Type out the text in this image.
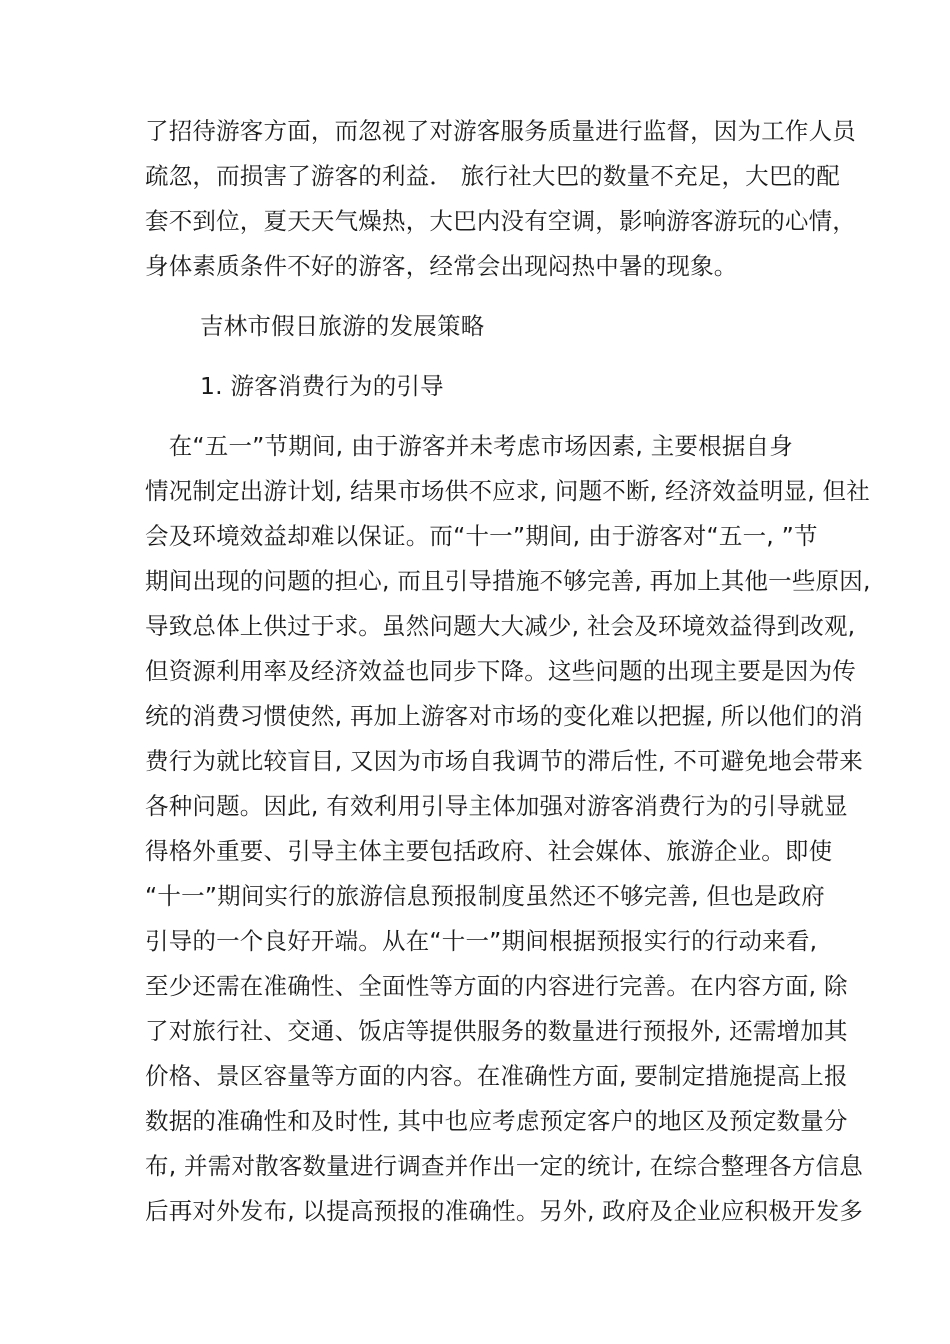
了招待游客方面，而忽视了对游客服务质量进行监督，因为工作人员
疏忽，而损害了游客的利益． 旅行社大巴的数量不充足，大巴的配
套不到位，夏天天气燥热，大巴内没有空调，影响游客游玩的心情，
身体素质条件不好的游客，经常会出现闷热中暑的现象。
吉林市假日旅游的发展策略
1. 游客消费行为的引导
　在“五一”节期间, 由于游客并未考虑市场因素, 主要根据自身
情况制定出游计划, 结果市场供不应求, 问题不断, 经济效益明显, 但社
会及环境效益却难以保证。而“十一”期间, 由于游客对“五一, ”节
期间出现的问题的担心, 而且引导措施不够完善, 再加上其他一些原因,
导致总体上供过于求。虽然问题大大减少, 社会及环境效益得到改观,
但资源利用率及经济效益也同步下降。这些问题的出现主要是因为传
统的消费习惯使然, 再加上游客对市场的变化难以把握, 所以他们的消
费行为就比较盲目, 又因为市场自我调节的滞后性, 不可避免地会带来
各种问题。因此, 有效利用引导主体加强对游客消费行为的引导就显
得格外重要、引导主体主要包括政府、社会媒体、旅游企业。即使
“十一”期间实行的旅游信息预报制度虽然还不够完善, 但也是政府
引导的一个良好开端。从在“十一”期间根据预报实行的行动来看,
至少还需在准确性、全面性等方面的内容进行完善。在内容方面, 除
了对旅行社、交通、饭店等提供服务的数量进行预报外, 还需增加其
价格、景区容量等方面的内容。在准确性方面, 要制定措施提高上报
数据的准确性和及时性, 其中也应考虑预定客户的地区及预定数量分
布, 并需对散客数量进行调查并作出一定的统计, 在综合整理各方信息
后再对外发布, 以提高预报的准确性。另外, 政府及企业应积极开发多
